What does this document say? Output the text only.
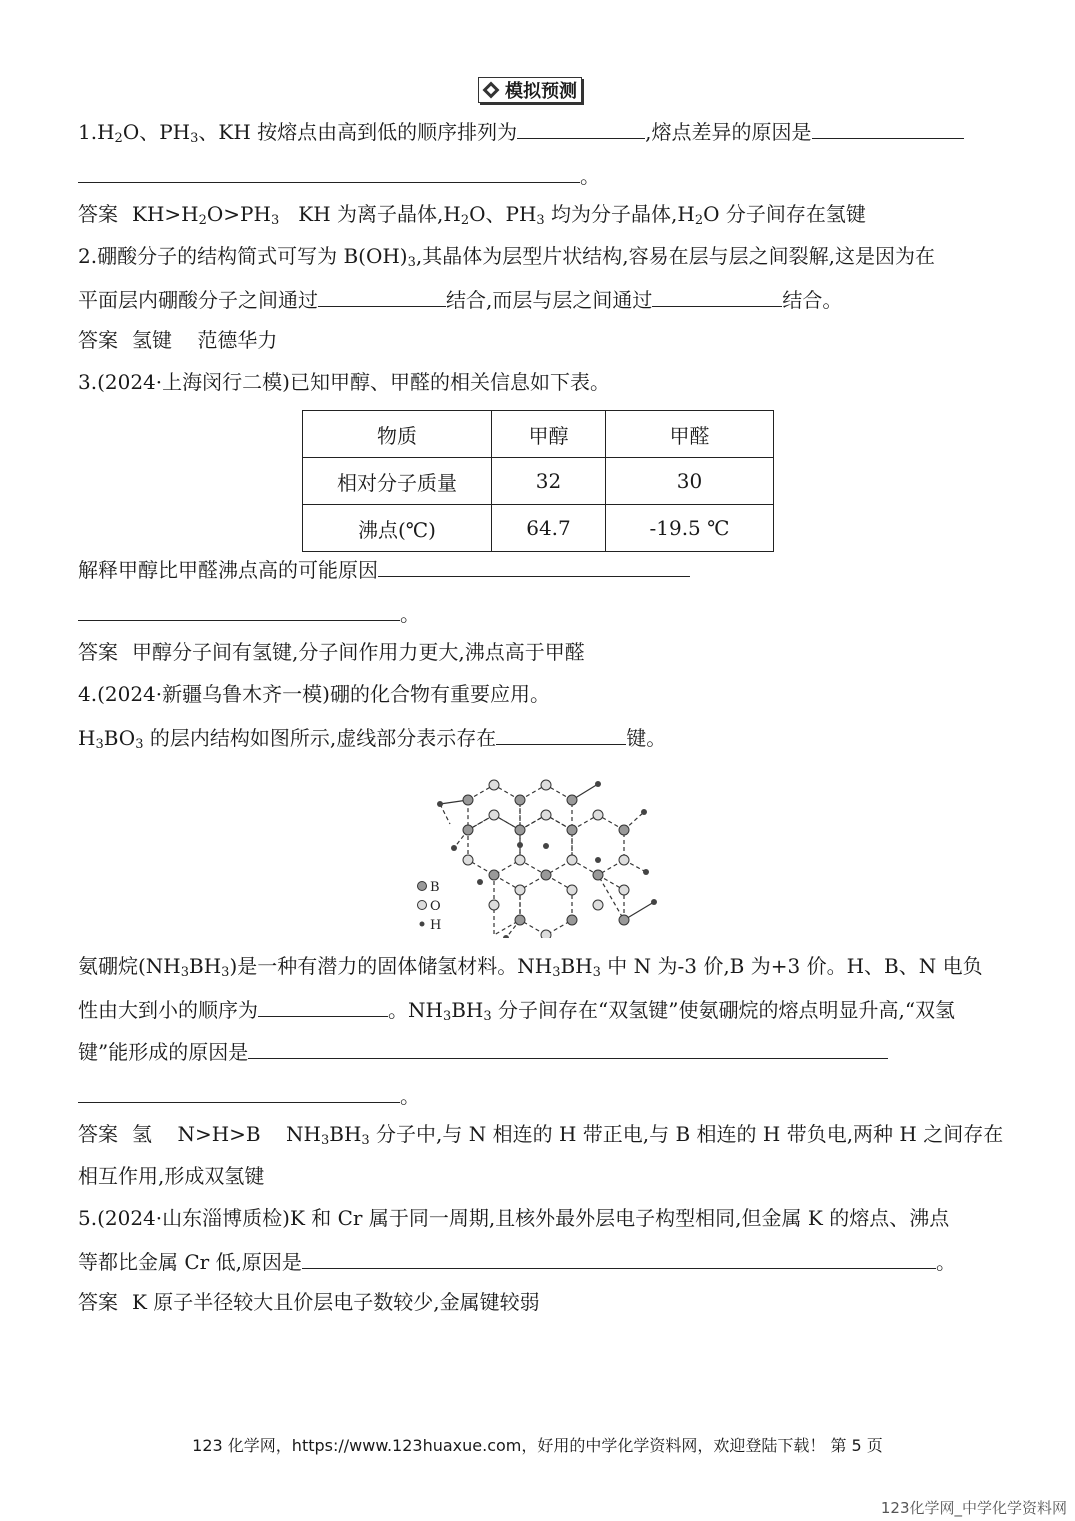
模拟预测
$1.H_2O$、$PH_3$、KH 按熔点由高到低的顺序排列为	,熔点差异的原因是
。
答案 $KH>H_2O>PH_3$ KH 为离子晶体$,H_2O$、$PH_3$ 均为分子晶体$,H_2O$ 分子间存在氢键
2.硼酸分子的结构简式可写为 $B(OH)_3$,其晶体为层型片状结构,容易在层与层之间裂解,这是因为在
平面层内硼酸分子之间通过	结合,而层与层之间通过	结合。
答案 氢键 范德华力
3.(2024·上海闵行二模)已知甲醇、甲醛的相关信息如下表。
物质	甲醇	甲醛
相对分子质量	32	30
沸点(℃)	64.7	-19.5 ℃
解释甲醇比甲醛沸点高的可能原因
。
答案 甲醇分子间有氢键,分子间作用力更大,沸点高于甲醛
4.(2024·新疆乌鲁木齐一模)硼的化合物有重要应用。
$H_3BO_3$ 的层内结构如图所示,虚线部分表示存在	键。
B
O
H
氨硼烷$(NH_3BH_3)$是一种有潜力的固体储氢材料。$NH_3BH_3$ 中 N 为-3 价,B 为+3 价。H、B、N 电负
性由大到小的顺序为	。$NH_3BH_3$ 分子间存在“双氢键”使氨硼烷的熔点明显升高,“双氢
键”能形成的原因是
。
答案 氢 N>H>B $NH_3BH_3$ 分子中,与 N 相连的 H 带正电,与 B 相连的 H 带负电,两种 H 之间存在
相互作用,形成双氢键
5.(2024·山东淄博质检)K 和 Cr 属于同一周期,且核外最外层电子构型相同,但金属 K 的熔点、沸点
等都比金属 Cr 低,原因是	。
答案 K 原子半径较大且价层电子数较少,金属键较弱
123 化学网，https://www.123huaxue.com，好用的中学化学资料网，欢迎登陆下载！ 第 5 页
123化学网_中学化学资料网
